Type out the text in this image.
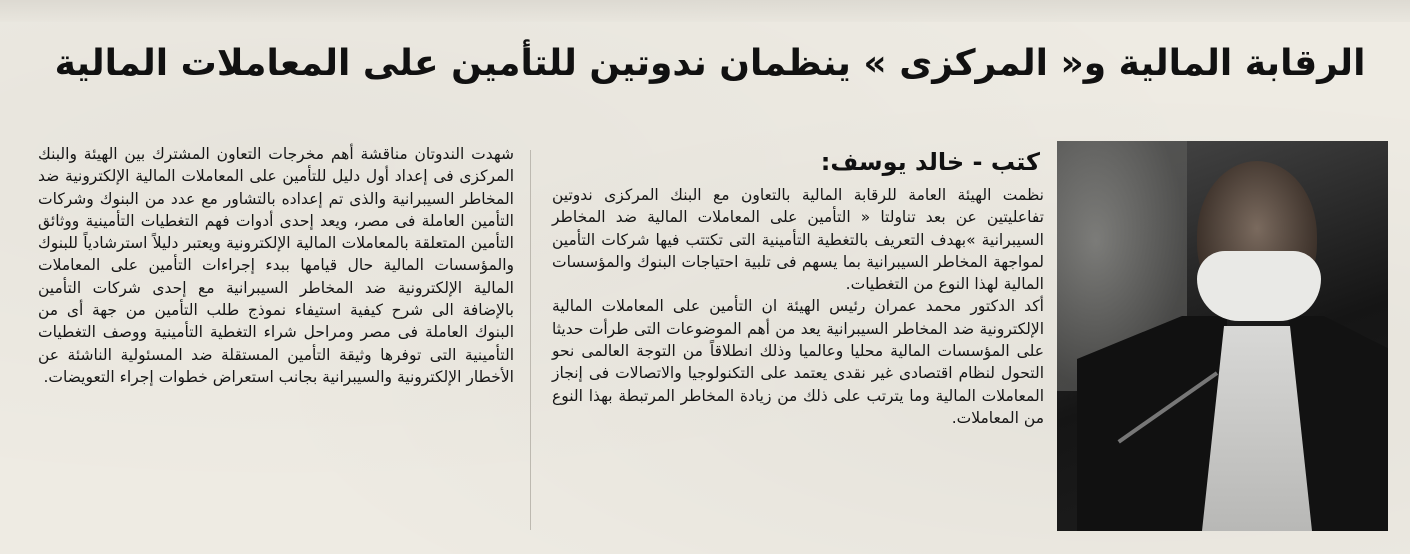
الرقابة المالية و« المركزى » ينظمان ندوتين للتأمين على المعاملات المالية
كتب - خالد يوسف:

نظمت الهيئة العامة للرقابة المالية بالتعاون مع البنك المركزى ندوتين تفاعليتين عن بعد تناولتا « التأمين على المعاملات المالية ضد المخاطر السيبرانية »بهدف التعريف بالتغطية التأمينية التى تكتتب فيها شركات التأمين لمواجهة المخاطر السيبرانية بما يسهم فى تلبية احتياجات البنوك والمؤسسات المالية لهذا النوع من التغطيات.

أكد الدكتور محمد عمران رئيس الهيئة ان التأمين على المعاملات المالية الإلكترونية ضد المخاطر السيبرانية يعد من أهم الموضوعات التى طرأت حديثا على المؤسسات المالية محليا وعالميا وذلك انطلاقاً من التوجة العالمى نحو التحول لنظام اقتصادى غير نقدى يعتمد على التكنولوجيا والاتصالات فى إنجاز المعاملات المالية وما يترتب على ذلك من زيادة المخاطر المرتبطة بهذا النوع من المعاملات.

شهدت الندوتان مناقشة أهم مخرجات التعاون المشترك بين الهيئة والبنك المركزى فى إعداد أول دليل للتأمين على المعاملات المالية الإلكترونية ضد المخاطر السيبرانية والذى تم إعداده بالتشاور مع عدد من البنوك وشركات التأمين العاملة فى مصر، ويعد إحدى أدوات فهم التغطيات التأمينية ووثائق التأمين المتعلقة بالمعاملات المالية الإلكترونية ويعتبر دليلاً استرشادياً للبنوك والمؤسسات المالية حال قيامها ببدء إجراءات التأمين على المعاملات المالية الإلكترونية ضد المخاطر السيبرانية مع إحدى شركات التأمين بالإضافة الى شرح كيفية استيفاء نموذج طلب التأمين من جهة أى من البنوك العاملة فى مصر ومراحل شراء التغطية التأمينية ووصف التغطيات التأمينية التى توفرها وثيقة التأمين المستقلة ضد المسئولية الناشئة عن الأخطار الإلكترونية والسيبرانية بجانب استعراض خطوات إجراء التعويضات.
